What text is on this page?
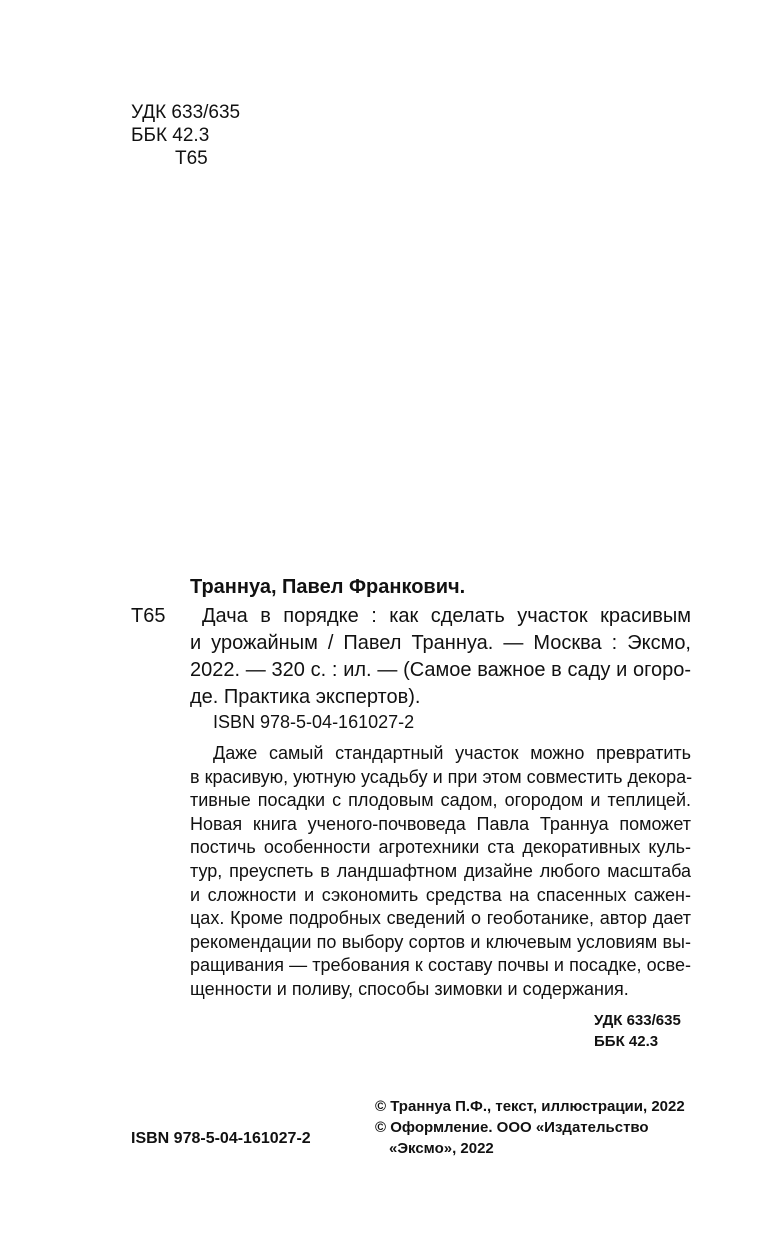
УДК 633/635
ББК 42.3
Т65
Траннуа, Павел Франкович.
Т65	Дача в порядке : как сделать участок красивым
и урожайным / Павел Траннуа. — Москва : Эксмо,
2022. — 320 с. : ил. — (Самое важное в саду и огоро-
де. Практика экспертов).
ISBN 978-5-04-161027-2
Даже самый стандартный участок можно превратить
в красивую, уютную усадьбу и при этом совместить декора-
тивные посадки с плодовым садом, огородом и теплицей.
Новая книга ученого-почвоведа Павла Траннуа поможет
постичь особенности агротехники ста декоративных куль-
тур, преуспеть в ландшафтном дизайне любого масштаба
и сложности и сэкономить средства на спасенных сажен-
цах. Кроме подробных сведений о геоботанике, автор дает
рекомендации по выбору сортов и ключевым условиям вы-
ращивания — требования к составу почвы и посадке, осве-
щенности и поливу, способы зимовки и содержания.
УДК 633/635
ББК 42.3
© Траннуа П.Ф., текст, иллюстрации, 2022
© Оформление. ООО «Издательство
«Эксмо», 2022
ISBN 978-5-04-161027-2
